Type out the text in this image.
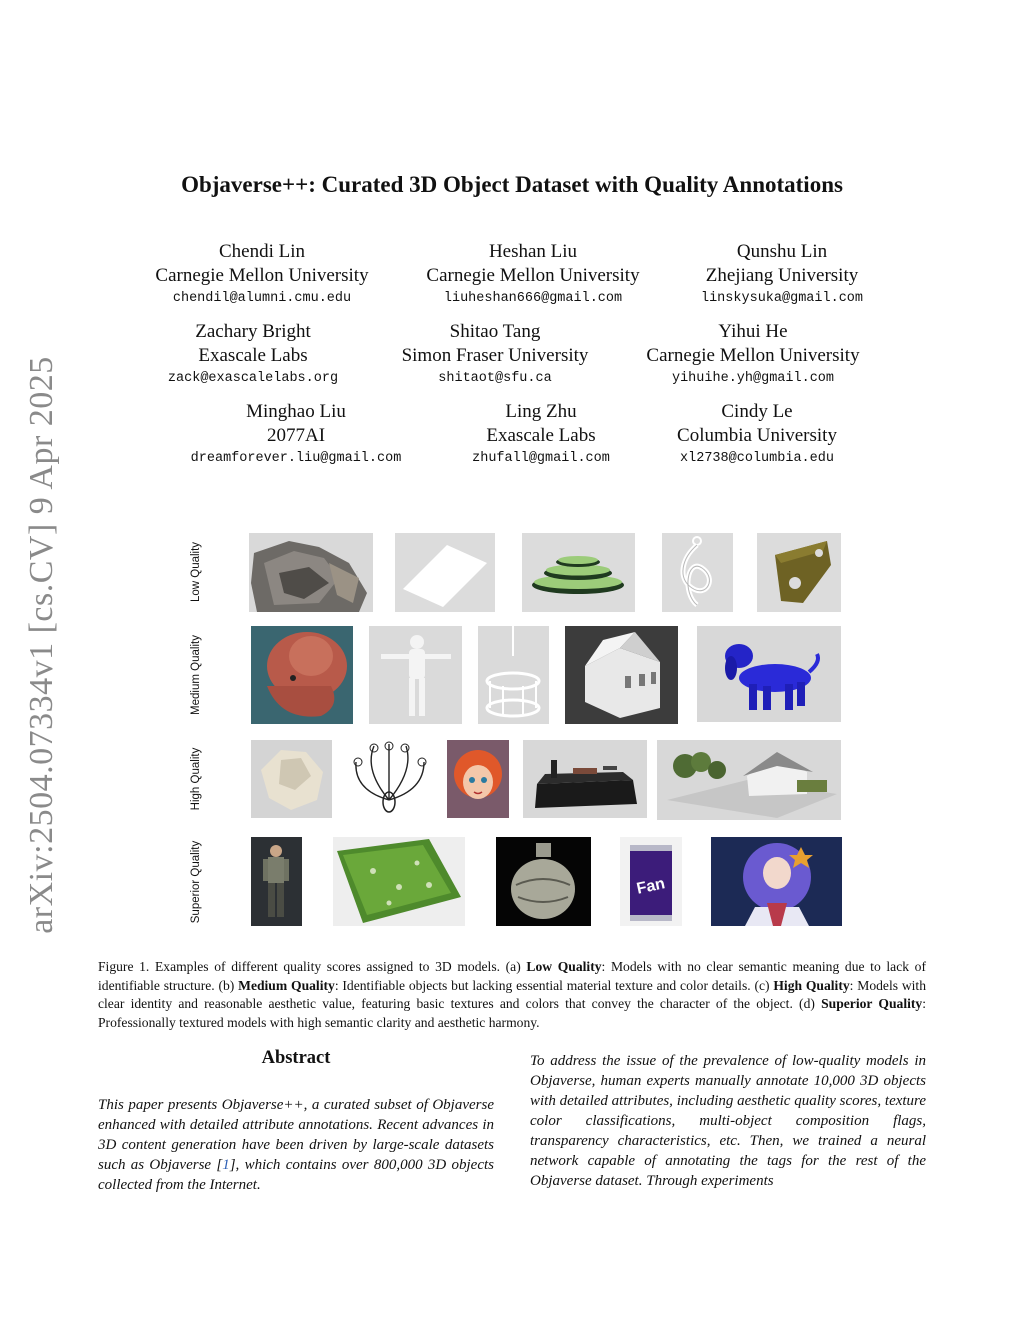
arXiv:2504.07334v1 [cs.CV] 9 Apr 2025
Objaverse++: Curated 3D Object Dataset with Quality Annotations
Chendi Lin
Carnegie Mellon University
chendil@alumni.cmu.edu
Heshan Liu
Carnegie Mellon University
liuheshan666@gmail.com
Qunshu Lin
Zhejiang University
linskysuka@gmail.com
Zachary Bright
Exascale Labs
zack@exascalelabs.org
Shitao Tang
Simon Fraser University
shitaot@sfu.ca
Yihui He
Carnegie Mellon University
yihuihe.yh@gmail.com
Minghao Liu
2077AI
dreamforever.liu@gmail.com
Ling Zhu
Exascale Labs
zhufall@gmail.com
Cindy Le
Columbia University
xl2738@columbia.edu
Low Quality
Medium Quality
High Quality
Superior Quality	Fan
Figure 1. Examples of different quality scores assigned to 3D models. (a) Low Quality: Models with no clear semantic meaning due to lack of identifiable structure. (b) Medium Quality: Identifiable objects but lacking essential material texture and color details. (c) High Quality: Models with clear identity and reasonable aesthetic value, featuring basic textures and colors that convey the character of the object. (d) Superior Quality: Professionally textured models with high semantic clarity and aesthetic harmony.
Abstract
This paper presents Objaverse++, a curated subset of Objaverse enhanced with detailed attribute annotations. Recent advances in 3D content generation have been driven by large-scale datasets such as Objaverse [1], which contains over 800,000 3D objects collected from the Internet.
To address the issue of the prevalence of low-quality models in Objaverse, human experts manually annotate 10,000 3D objects with detailed attributes, including aesthetic quality scores, texture color classifications, multi-object composition flags, transparency characteristics, etc. Then, we trained a neural network capable of annotating the tags for the rest of the Objaverse dataset. Through experiments
